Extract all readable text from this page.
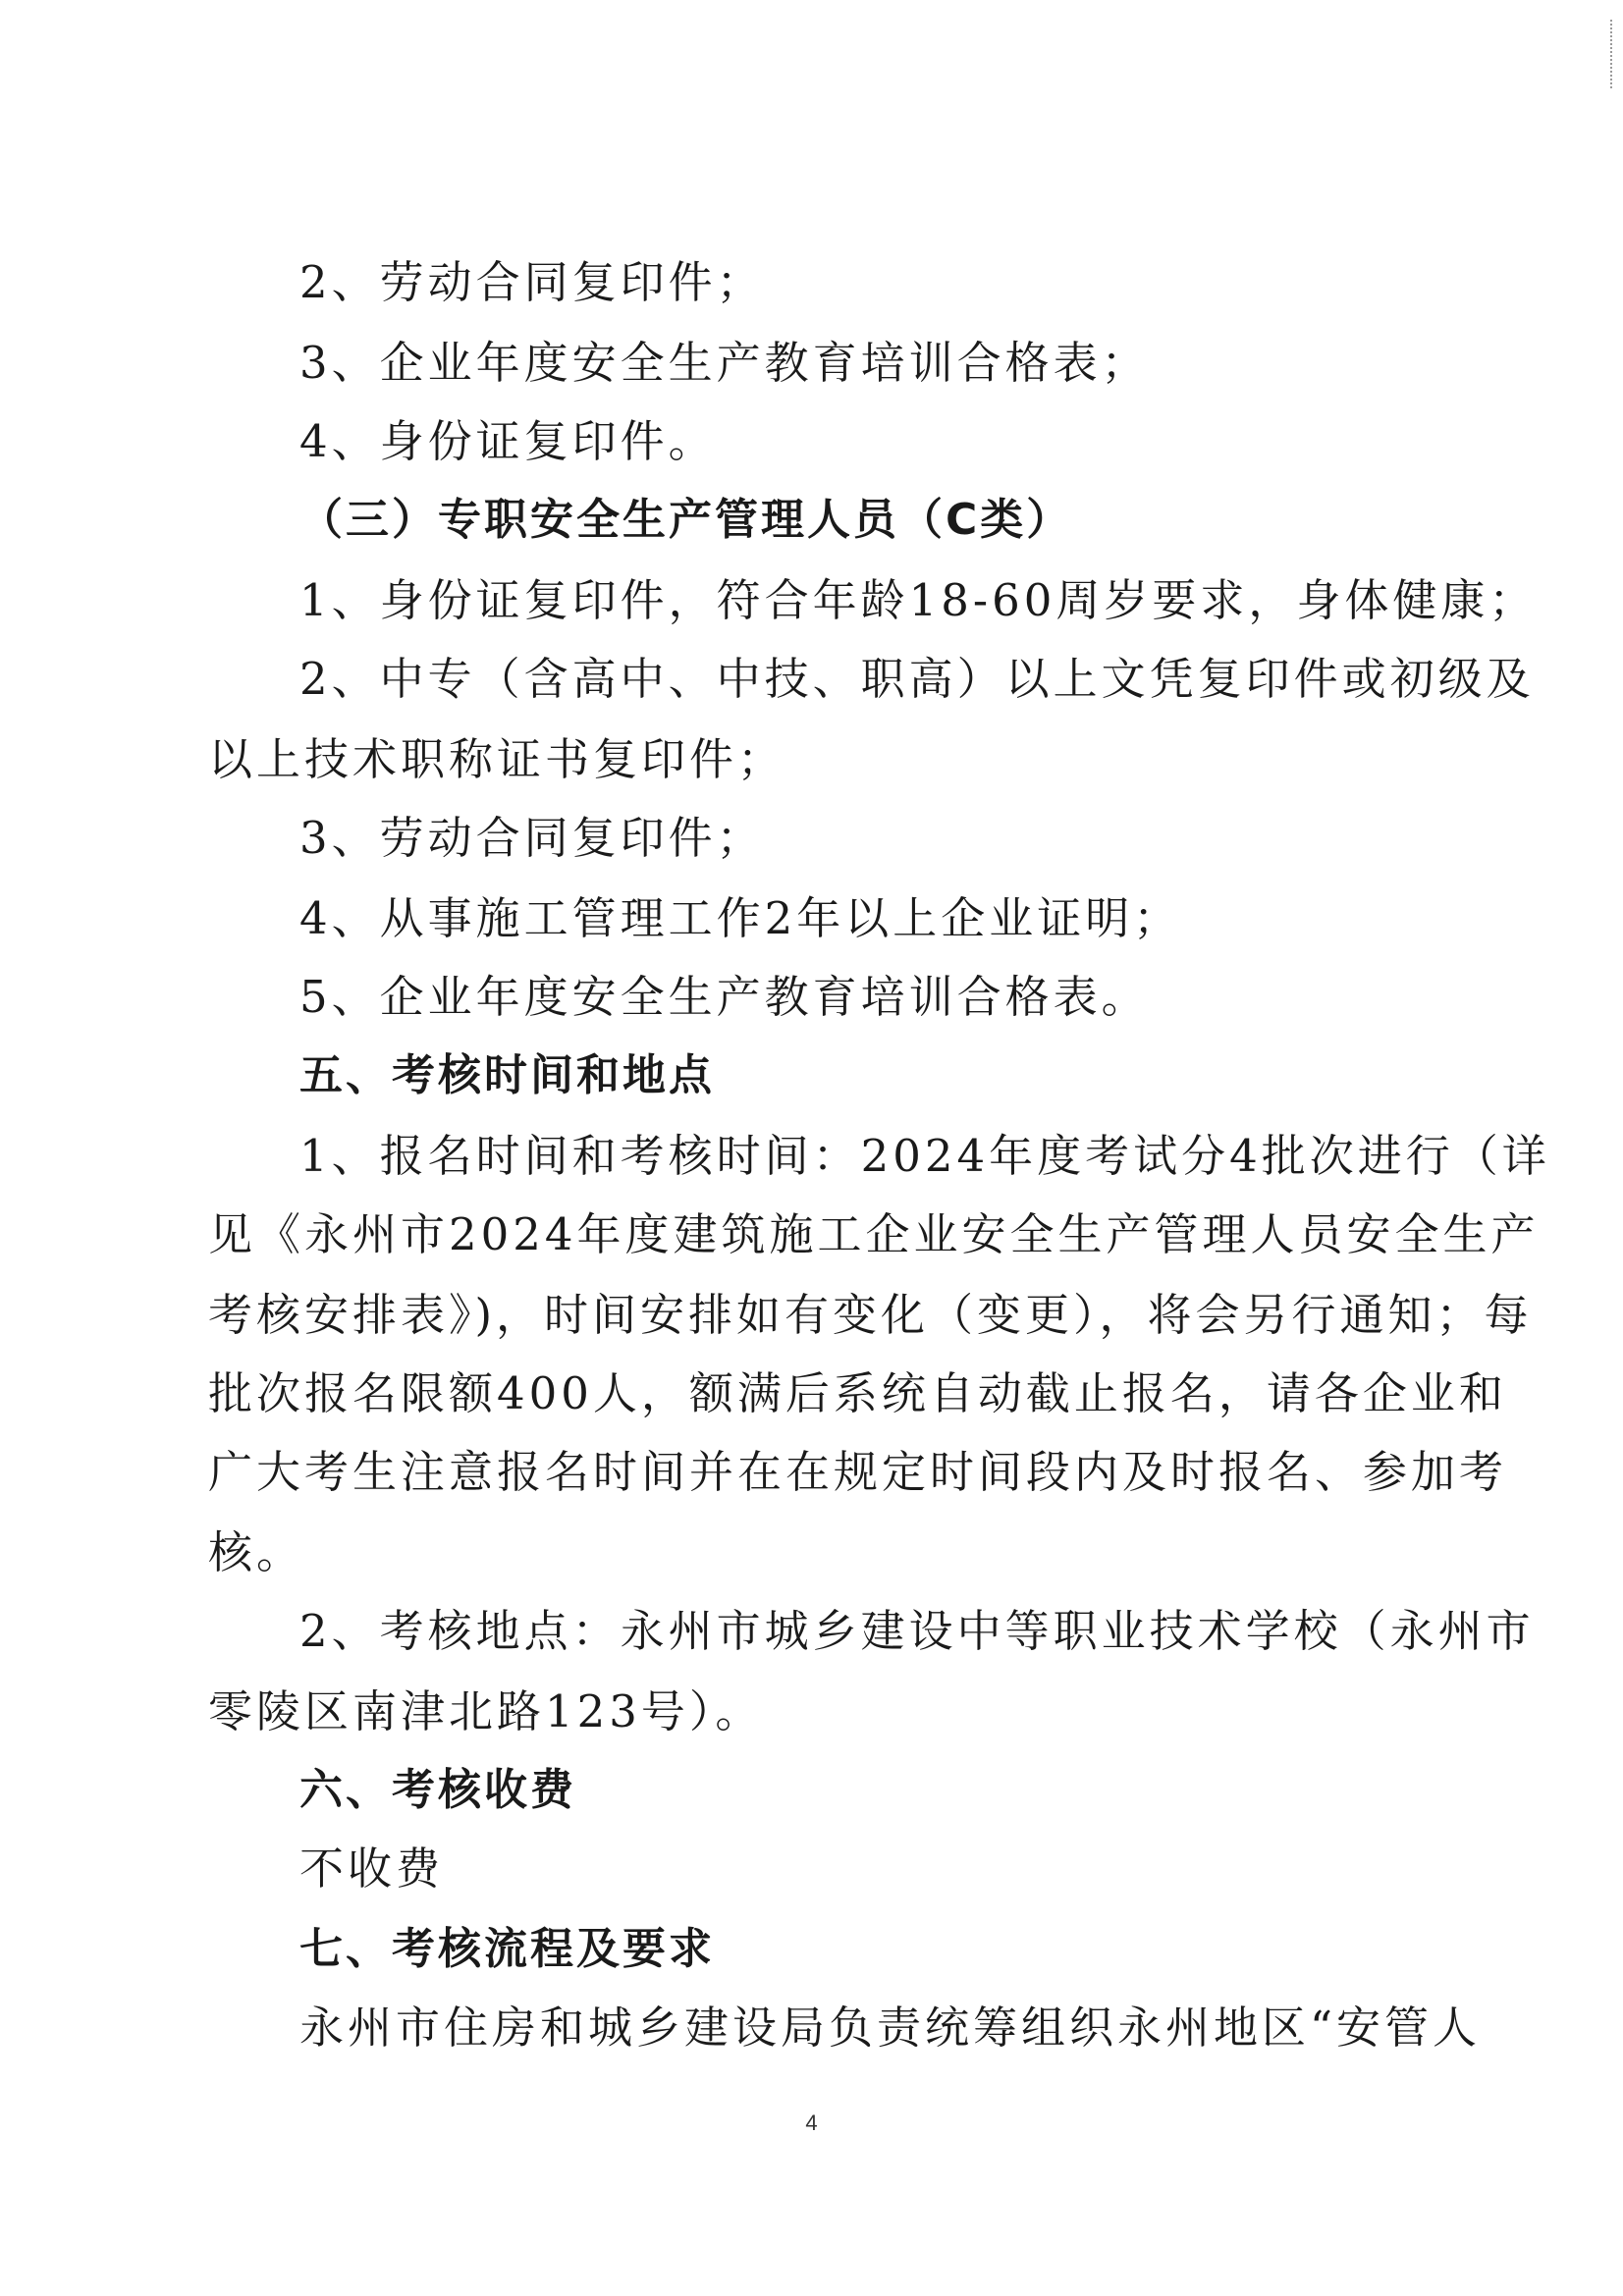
2、劳动合同复印件；
3、企业年度安全生产教育培训合格表；
4、身份证复印件。
（三）专职安全生产管理人员（C类）
1、身份证复印件，符合年龄18-60周岁要求，身体健康；
2、中专（含高中、中技、职高）以上文凭复印件或初级及
以上技术职称证书复印件；
3、劳动合同复印件；
4、从事施工管理工作2年以上企业证明；
5、企业年度安全生产教育培训合格表。
五、考核时间和地点
1、报名时间和考核时间：2024年度考试分4批次进行（详
见《永州市2024年度建筑施工企业安全生产管理人员安全生产
考核安排表》)，时间安排如有变化（变更），将会另行通知；每
批次报名限额400人，额满后系统自动截止报名，请各企业和
广大考生注意报名时间并在在规定时间段内及时报名、参加考
核。
2、考核地点：永州市城乡建设中等职业技术学校（永州市
零陵区南津北路123号）。
六、考核收费
不收费
七、考核流程及要求
永州市住房和城乡建设局负责统筹组织永州地区“安管人
4
